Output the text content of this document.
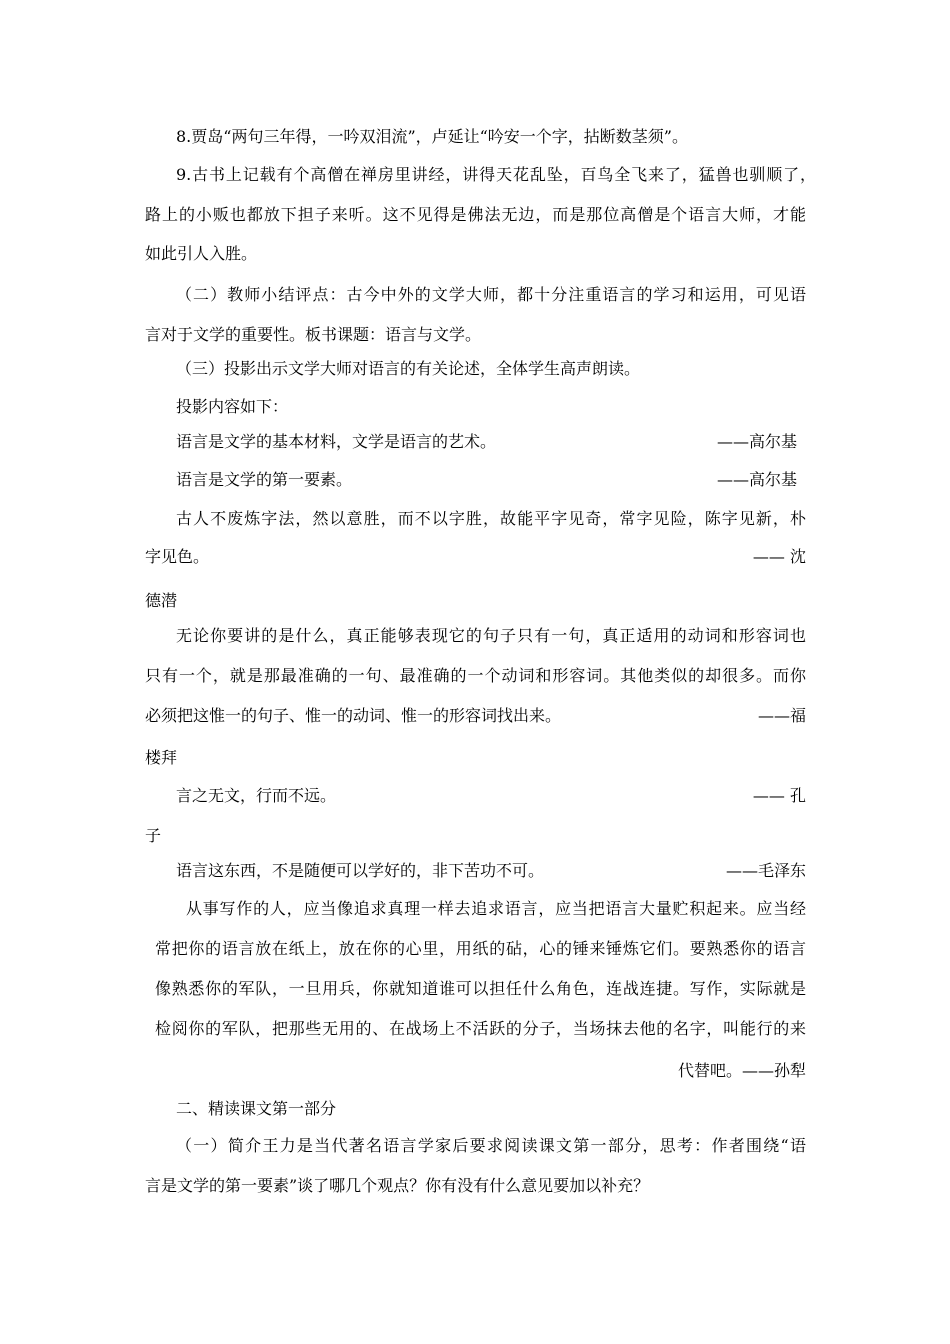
8.贾岛“两句三年得，一吟双泪流”，卢延让“吟安一个字，拈断数茎须”。
9.古书上记载有个高僧在禅房里讲经，讲得天花乱坠，百鸟全飞来了，猛兽也驯顺了，
路上的小贩也都放下担子来听。这不见得是佛法无边，而是那位高僧是个语言大师，才能
如此引人入胜。
（二）教师小结评点：古今中外的文学大师，都十分注重语言的学习和运用，可见语
言对于文学的重要性。板书课题：语言与文学。
（三）投影出示文学大师对语言的有关论述，全体学生高声朗读。
投影内容如下：
语言是文学的基本材料，文学是语言的艺术。	——高尔基
语言是文学的第一要素。	——高尔基
古人不废炼字法，然以意胜，而不以字胜，故能平字见奇，常字见险，陈字见新，朴
字见色。	—— 沈
德潜
无论你要讲的是什么，真正能够表现它的句子只有一句，真正适用的动词和形容词也
只有一个，就是那最准确的一句、最准确的一个动词和形容词。其他类似的却很多。而你
必须把这惟一的句子、惟一的动词、惟一的形容词找出来。	——福
楼拜
言之无文，行而不远。	—— 孔
子
语言这东西，不是随便可以学好的，非下苦功不可。	——毛泽东
从事写作的人，应当像追求真理一样去追求语言，应当把语言大量贮积起来。应当经
常把你的语言放在纸上，放在你的心里，用纸的砧，心的锤来锤炼它们。要熟悉你的语言
像熟悉你的军队，一旦用兵，你就知道谁可以担任什么角色，连战连捷。写作，实际就是
检阅你的军队，把那些无用的、在战场上不活跃的分子，当场抹去他的名字，叫能行的来
代替吧。——孙犁
二、精读课文第一部分
（一）简介王力是当代著名语言学家后要求阅读课文第一部分，思考：作者围绕“语
言是文学的第一要素”谈了哪几个观点？你有没有什么意见要加以补充？
